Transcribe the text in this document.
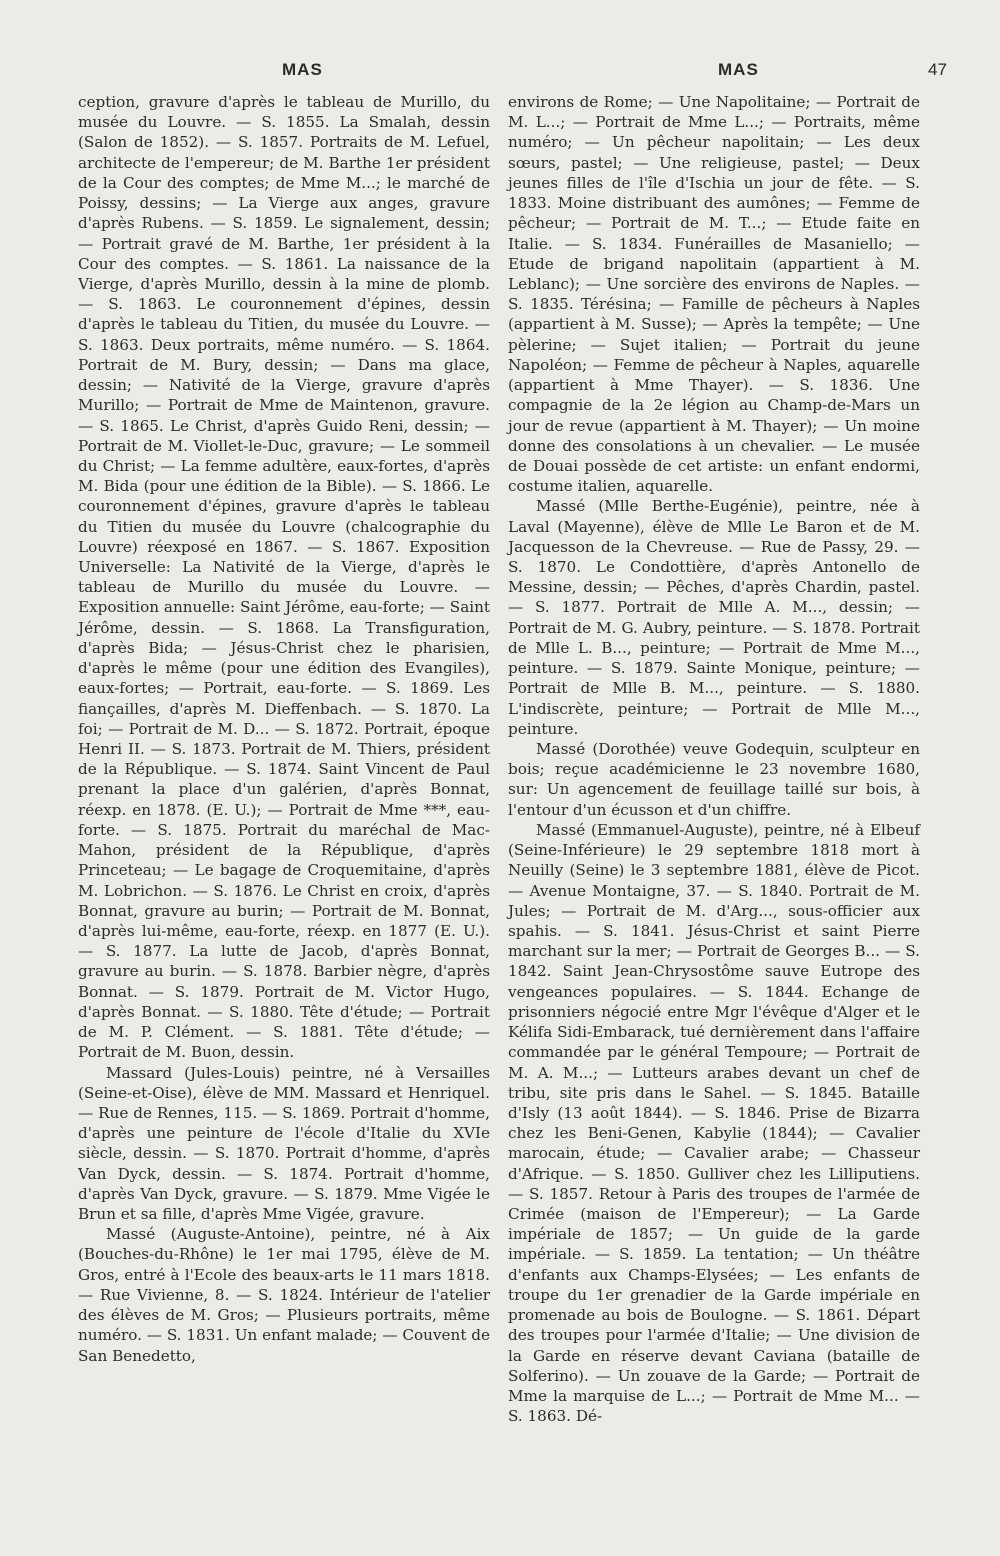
MAS	MAS	47

ception, gravure d'après le tableau de Murillo, du musée du Louvre. — S. 1855. La Smalah, dessin (Salon de 1852). — S. 1857. Portraits de M. Lefuel, architecte de l'empereur; de M. Barthe 1er président de la Cour des comptes; de Mme M...; le marché de Poissy, dessins; — La Vierge aux anges, gravure d'après Rubens. — S. 1859. Le signalement, dessin; — Portrait gravé de M. Barthe, 1er président à la Cour des comptes. — S. 1861. La naissance de la Vierge, d'après Murillo, dessin à la mine de plomb. — S. 1863. Le couronnement d'épines, dessin d'après le tableau du Titien, du musée du Louvre. — S. 1863. Deux portraits, même numéro. — S. 1864. Portrait de M. Bury, dessin; — Dans ma glace, dessin; — Nativité de la Vierge, gravure d'après Murillo; — Portrait de Mme de Maintenon, gravure. — S. 1865. Le Christ, d'après Guido Reni, dessin; — Portrait de M. Viollet-le-Duc, gravure; — Le sommeil du Christ; — La femme adultère, eaux-fortes, d'après M. Bida (pour une édition de la Bible). — S. 1866. Le couronnement d'épines, gravure d'après le tableau du Titien du musée du Louvre (chalcographie du Louvre) réexposé en 1867. — S. 1867. Exposition Universelle: La Nativité de la Vierge, d'après le tableau de Murillo du musée du Louvre. — Exposition annuelle: Saint Jérôme, eau-forte; — Saint Jérôme, dessin. — S. 1868. La Transfiguration, d'après Bida; — Jésus-Christ chez le pharisien, d'après le même (pour une édition des Evangiles), eaux-fortes; — Portrait, eau-forte. — S. 1869. Les fiançailles, d'après M. Dieffenbach. — S. 1870. La foi; — Portrait de M. D... — S. 1872. Portrait, époque Henri II. — S. 1873. Portrait de M. Thiers, président de la République. — S. 1874. Saint Vincent de Paul prenant la place d'un galérien, d'après Bonnat, réexp. en 1878. (E. U.); — Portrait de Mme ***, eau-forte. — S. 1875. Portrait du maréchal de Mac-Mahon, président de la République, d'après Princeteau; — Le bagage de Croquemitaine, d'après M. Lobrichon. — S. 1876. Le Christ en croix, d'après Bonnat, gravure au burin; — Portrait de M. Bonnat, d'après lui-même, eau-forte, réexp. en 1877 (E. U.). — S. 1877. La lutte de Jacob, d'après Bonnat, gravure au burin. — S. 1878. Barbier nègre, d'après Bonnat. — S. 1879. Portrait de M. Victor Hugo, d'après Bonnat. — S. 1880. Tête d'étude; — Portrait de M. P. Clément. — S. 1881. Tête d'étude; — Portrait de M. Buon, dessin.

Massard (Jules-Louis) peintre, né à Versailles (Seine-et-Oise), élève de MM. Massard et Henriquel. — Rue de Rennes, 115. — S. 1869. Portrait d'homme, d'après une peinture de l'école d'Italie du XVIe siècle, dessin. — S. 1870. Portrait d'homme, d'après Van Dyck, dessin. — S. 1874. Portrait d'homme, d'après Van Dyck, gravure. — S. 1879. Mme Vigée le Brun et sa fille, d'après Mme Vigée, gravure.

Massé (Auguste-Antoine), peintre, né à Aix (Bouches-du-Rhône) le 1er mai 1795, élève de M. Gros, entré à l'Ecole des beaux-arts le 11 mars 1818. — Rue Vivienne, 8. — S. 1824. Intérieur de l'atelier des élèves de M. Gros; — Plusieurs portraits, même numéro. — S. 1831. Un enfant malade; — Couvent de San Benedetto,

environs de Rome; — Une Napolitaine; — Portrait de M. L...; — Portrait de Mme L...; — Portraits, même numéro; — Un pêcheur napolitain; — Les deux sœurs, pastel; — Une religieuse, pastel; — Deux jeunes filles de l'île d'Ischia un jour de fête. — S. 1833. Moine distribuant des aumônes; — Femme de pêcheur; — Portrait de M. T...; — Etude faite en Italie. — S. 1834. Funérailles de Masaniello; — Etude de brigand napolitain (appartient à M. Leblanc); — Une sorcière des environs de Naples. — S. 1835. Térésina; — Famille de pêcheurs à Naples (appartient à M. Susse); — Après la tempête; — Une pèlerine; — Sujet italien; — Portrait du jeune Napoléon; — Femme de pêcheur à Naples, aquarelle (appartient à Mme Thayer). — S. 1836. Une compagnie de la 2e légion au Champ-de-Mars un jour de revue (appartient à M. Thayer); — Un moine donne des consolations à un chevalier. — Le musée de Douai possède de cet artiste: un enfant endormi, costume italien, aquarelle.

Massé (Mlle Berthe-Eugénie), peintre, née à Laval (Mayenne), élève de Mlle Le Baron et de M. Jacquesson de la Chevreuse. — Rue de Passy, 29. — S. 1870. Le Condottière, d'après Antonello de Messine, dessin; — Pêches, d'après Chardin, pastel. — S. 1877. Portrait de Mlle A. M..., dessin; — Portrait de M. G. Aubry, peinture. — S. 1878. Portrait de Mlle L. B..., peinture; — Portrait de Mme M..., peinture. — S. 1879. Sainte Monique, peinture; — Portrait de Mlle B. M..., peinture. — S. 1880. L'indiscrète, peinture; — Portrait de Mlle M..., peinture.

Massé (Dorothée) veuve Godequin, sculpteur en bois; reçue académicienne le 23 novembre 1680, sur: Un agencement de feuillage taillé sur bois, à l'entour d'un écusson et d'un chiffre.

Massé (Emmanuel-Auguste), peintre, né à Elbeuf (Seine-Inférieure) le 29 septembre 1818 mort à Neuilly (Seine) le 3 septembre 1881, élève de Picot. — Avenue Montaigne, 37. — S. 1840. Portrait de M. Jules; — Portrait de M. d'Arg..., sous-officier aux spahis. — S. 1841. Jésus-Christ et saint Pierre marchant sur la mer; — Portrait de Georges B... — S. 1842. Saint Jean-Chrysostôme sauve Eutrope des vengeances populaires. — S. 1844. Echange de prisonniers négocié entre Mgr l'évêque d'Alger et le Kélifa Sidi-Embarack, tué dernièrement dans l'affaire commandée par le général Tempoure; — Portrait de M. A. M...; — Lutteurs arabes devant un chef de tribu, site pris dans le Sahel. — S. 1845. Bataille d'Isly (13 août 1844). — S. 1846. Prise de Bizarra chez les Beni-Genen, Kabylie (1844); — Cavalier marocain, étude; — Cavalier arabe; — Chasseur d'Afrique. — S. 1850. Gulliver chez les Lilliputiens. — S. 1857. Retour à Paris des troupes de l'armée de Crimée (maison de l'Empereur); — La Garde impériale de 1857; — Un guide de la garde impériale. — S. 1859. La tentation; — Un théâtre d'enfants aux Champs-Elysées; — Les enfants de troupe du 1er grenadier de la Garde impériale en promenade au bois de Boulogne. — S. 1861. Départ des troupes pour l'armée d'Italie; — Une division de la Garde en réserve devant Caviana (bataille de Solferino). — Un zouave de la Garde; — Portrait de Mme la marquise de L...; — Portrait de Mme M... — S. 1863. Dé-
